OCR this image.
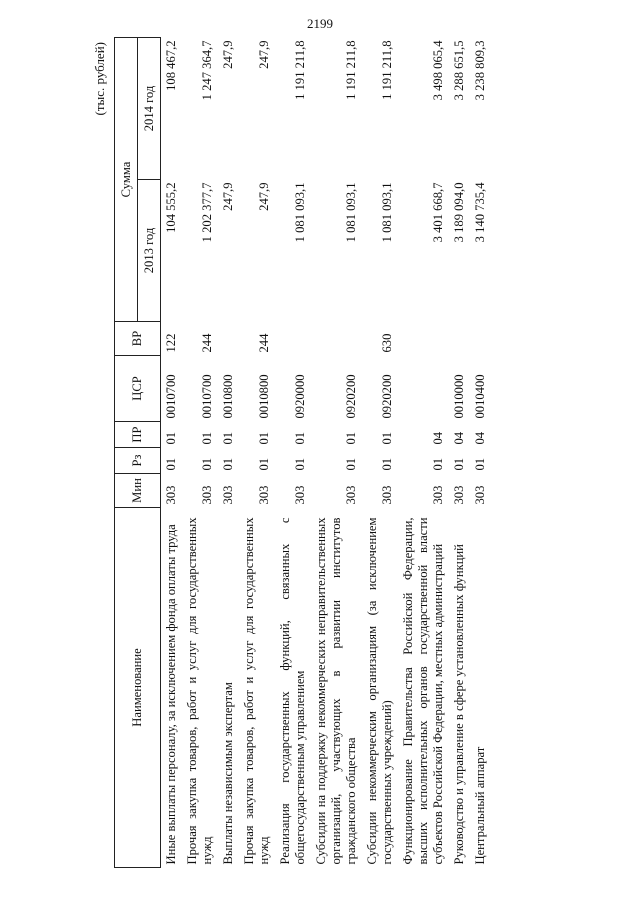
2199
(тыс. рублей)
Наименование	Мин	Рз	ПР	ЦСР	ВР	Сумма	
						2013 год	2014 год
Иные выплаты персоналу, за исключением фонда оплаты труда	303	01	01	0010700	122	104 555,2	108 467,2
Прочая закупка товаров, работ и услуг для государственных нужд	303	01	01	0010700	244	1 202 377,7	1 247 364,7
Выплаты независимым экспертам	303	01	01	0010800		247,9	247,9
Прочая закупка товаров, работ и услуг для государственных нужд	303	01	01	0010800	244	247,9	247,9
Реализация государственных функций, связанных с общегосударственным управлением	303	01	01	0920000		1 081 093,1	1 191 211,8
Субсидии на поддержку некоммерческих неправительственных организаций, участвующих в развитии институтов гражданского общества	303	01	01	0920200		1 081 093,1	1 191 211,8
Субсидии некоммерческим организациям (за исключением государственных учреждений)	303	01	01	0920200	630	1 081 093,1	1 191 211,8
Функционирование Правительства Российской Федерации, высших исполнительных органов государственной власти субъектов Российской Федерации, местных администраций	303	01	04			3 401 668,7	3 498 065,4
Руководство и управление в сфере установленных функций	303	01	04	0010000		3 189 094,0	3 288 651,5
Центральный аппарат	303	01	04	0010400		3 140 735,4	3 238 809,3
